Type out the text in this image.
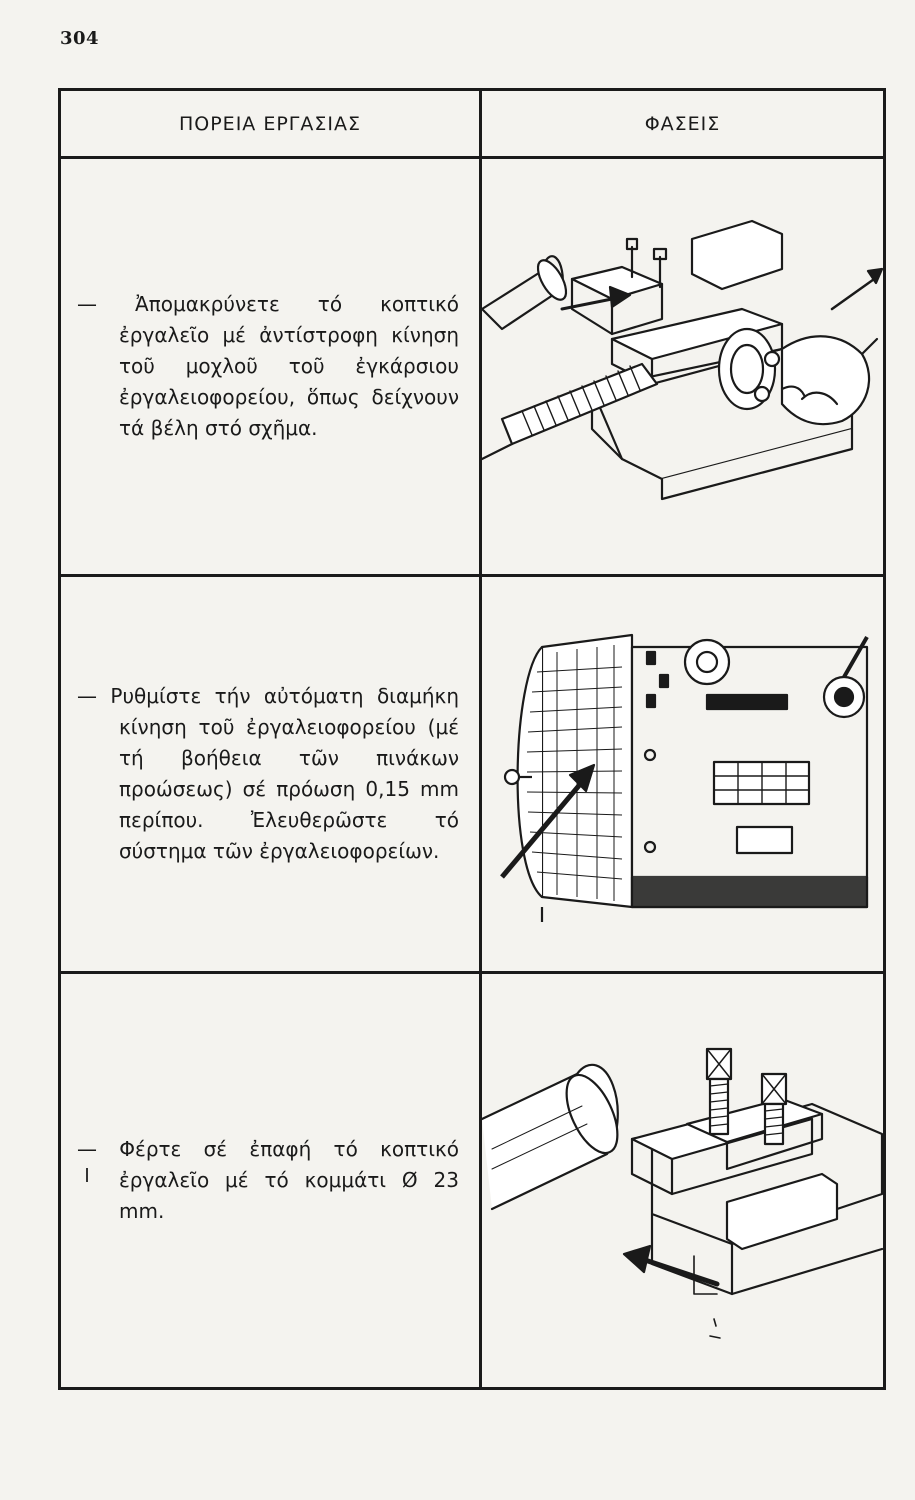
304
ΠΟΡΕΙΑ ΕΡΓΑΣΙΑΣ	ΦΑΣΕΙΣ
— Ἀπομακρύνετε τό κοπτικό ἐργαλεῖο μέ ἀντίστροφη κίνηση τοῦ μοχλοῦ τοῦ ἐγκάρσιου ἐργαλειοφορείου, ὅπως δείχνουν τά βέλη στό σχῆμα.
— Ρυθμίστε τήν αὐτόματη διαμήκη κίνηση τοῦ ἐργαλειοφορείου (μέ τή βοήθεια τῶν πινάκων προώσεως) σέ πρόωση 0,15 mm περίπου. Ἐλευθερῶστε τό σύστημα τῶν ἐργαλειοφορείων.
— Φέρτε σέ ἐπαφή τό κοπτικό ἐργαλεῖο μέ τό κομμάτι Ø 23 mm.
